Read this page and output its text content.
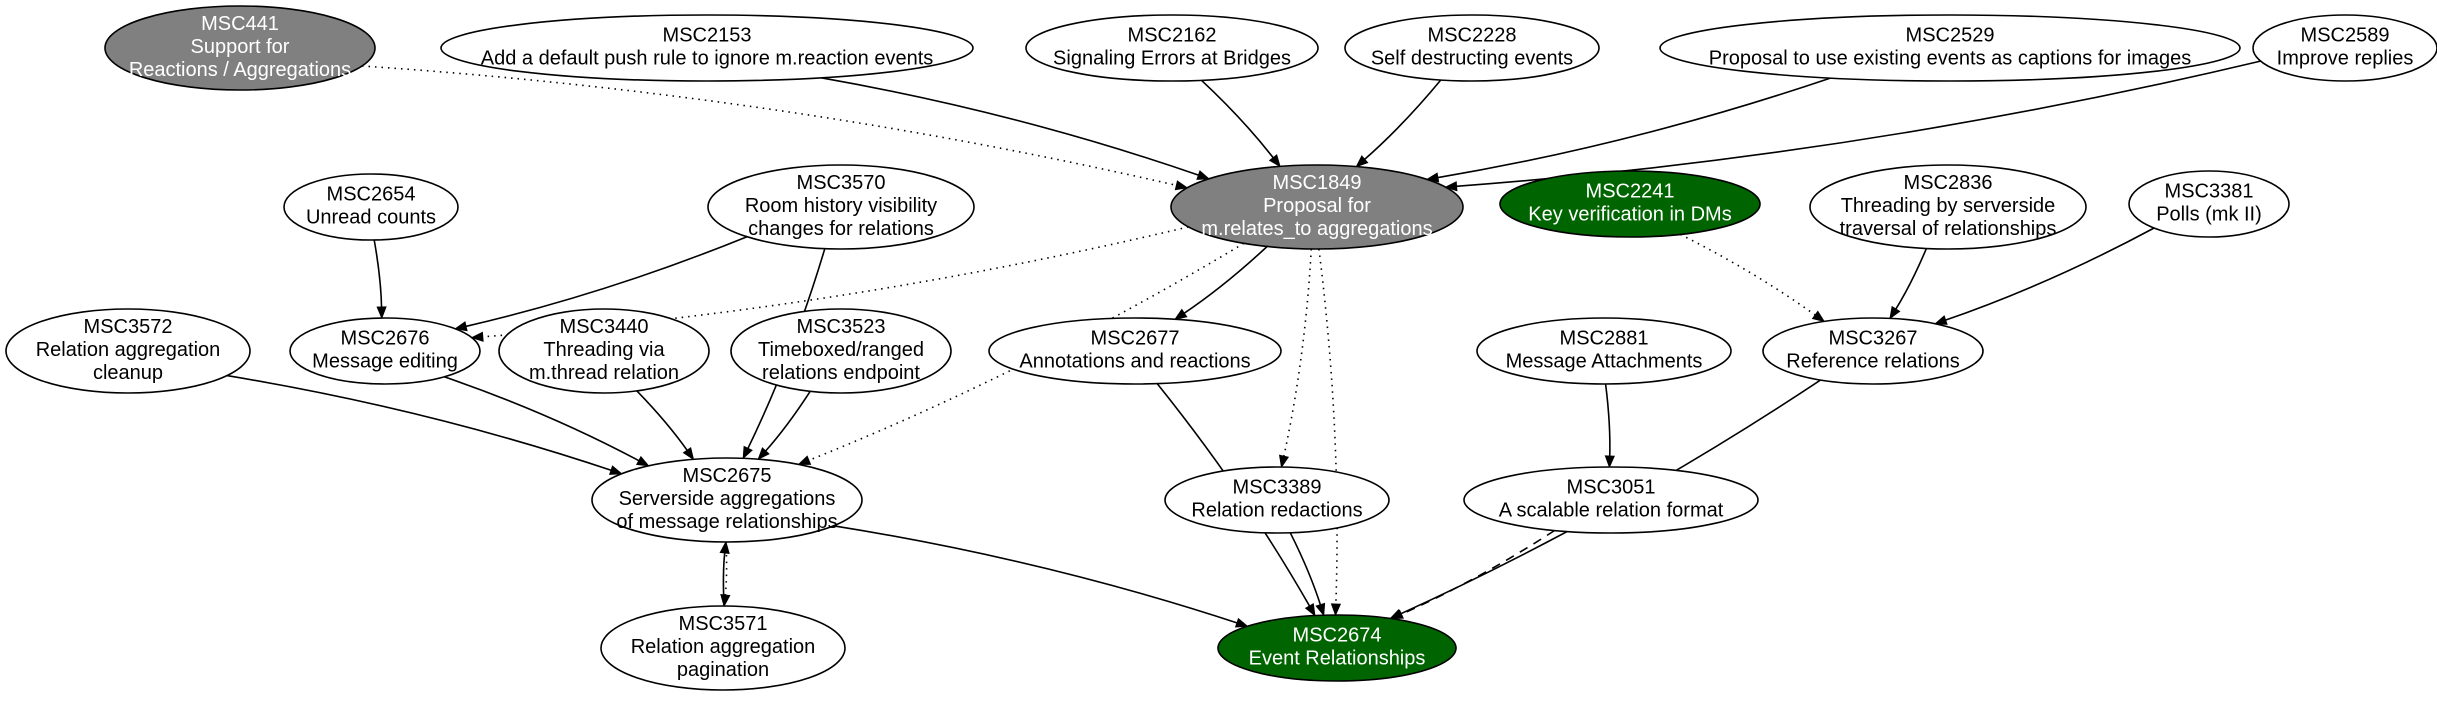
MSC441 Support for Reactions / Aggregations
MSC2153 Add a default push rule to ignore m.reaction events
MSC2162 Signaling Errors at Bridges
MSC2228 Self destructing events
MSC2529 Proposal to use existing events as captions for images
MSC2589 Improve replies
MSC2654 Unread counts
MSC3570 Room history visibility changes for relations
MSC1849 Proposal for m.relates_to aggregations
MSC2241 Key verification in DMs
MSC2836 Threading by serverside traversal of relationships
MSC3381 Polls (mk II)
MSC3572 Relation aggregation cleanup
MSC2676 Message editing
MSC3440 Threading via m.thread relation
MSC3523 Timeboxed/ranged relations endpoint
MSC2677 Annotations and reactions
MSC2881 Message Attachments
MSC3267 Reference relations
MSC2675 Serverside aggregations of message relationships
MSC3389 Relation redactions
MSC3051 A scalable relation format
MSC3571 Relation aggregation pagination
MSC2674 Event Relationships
